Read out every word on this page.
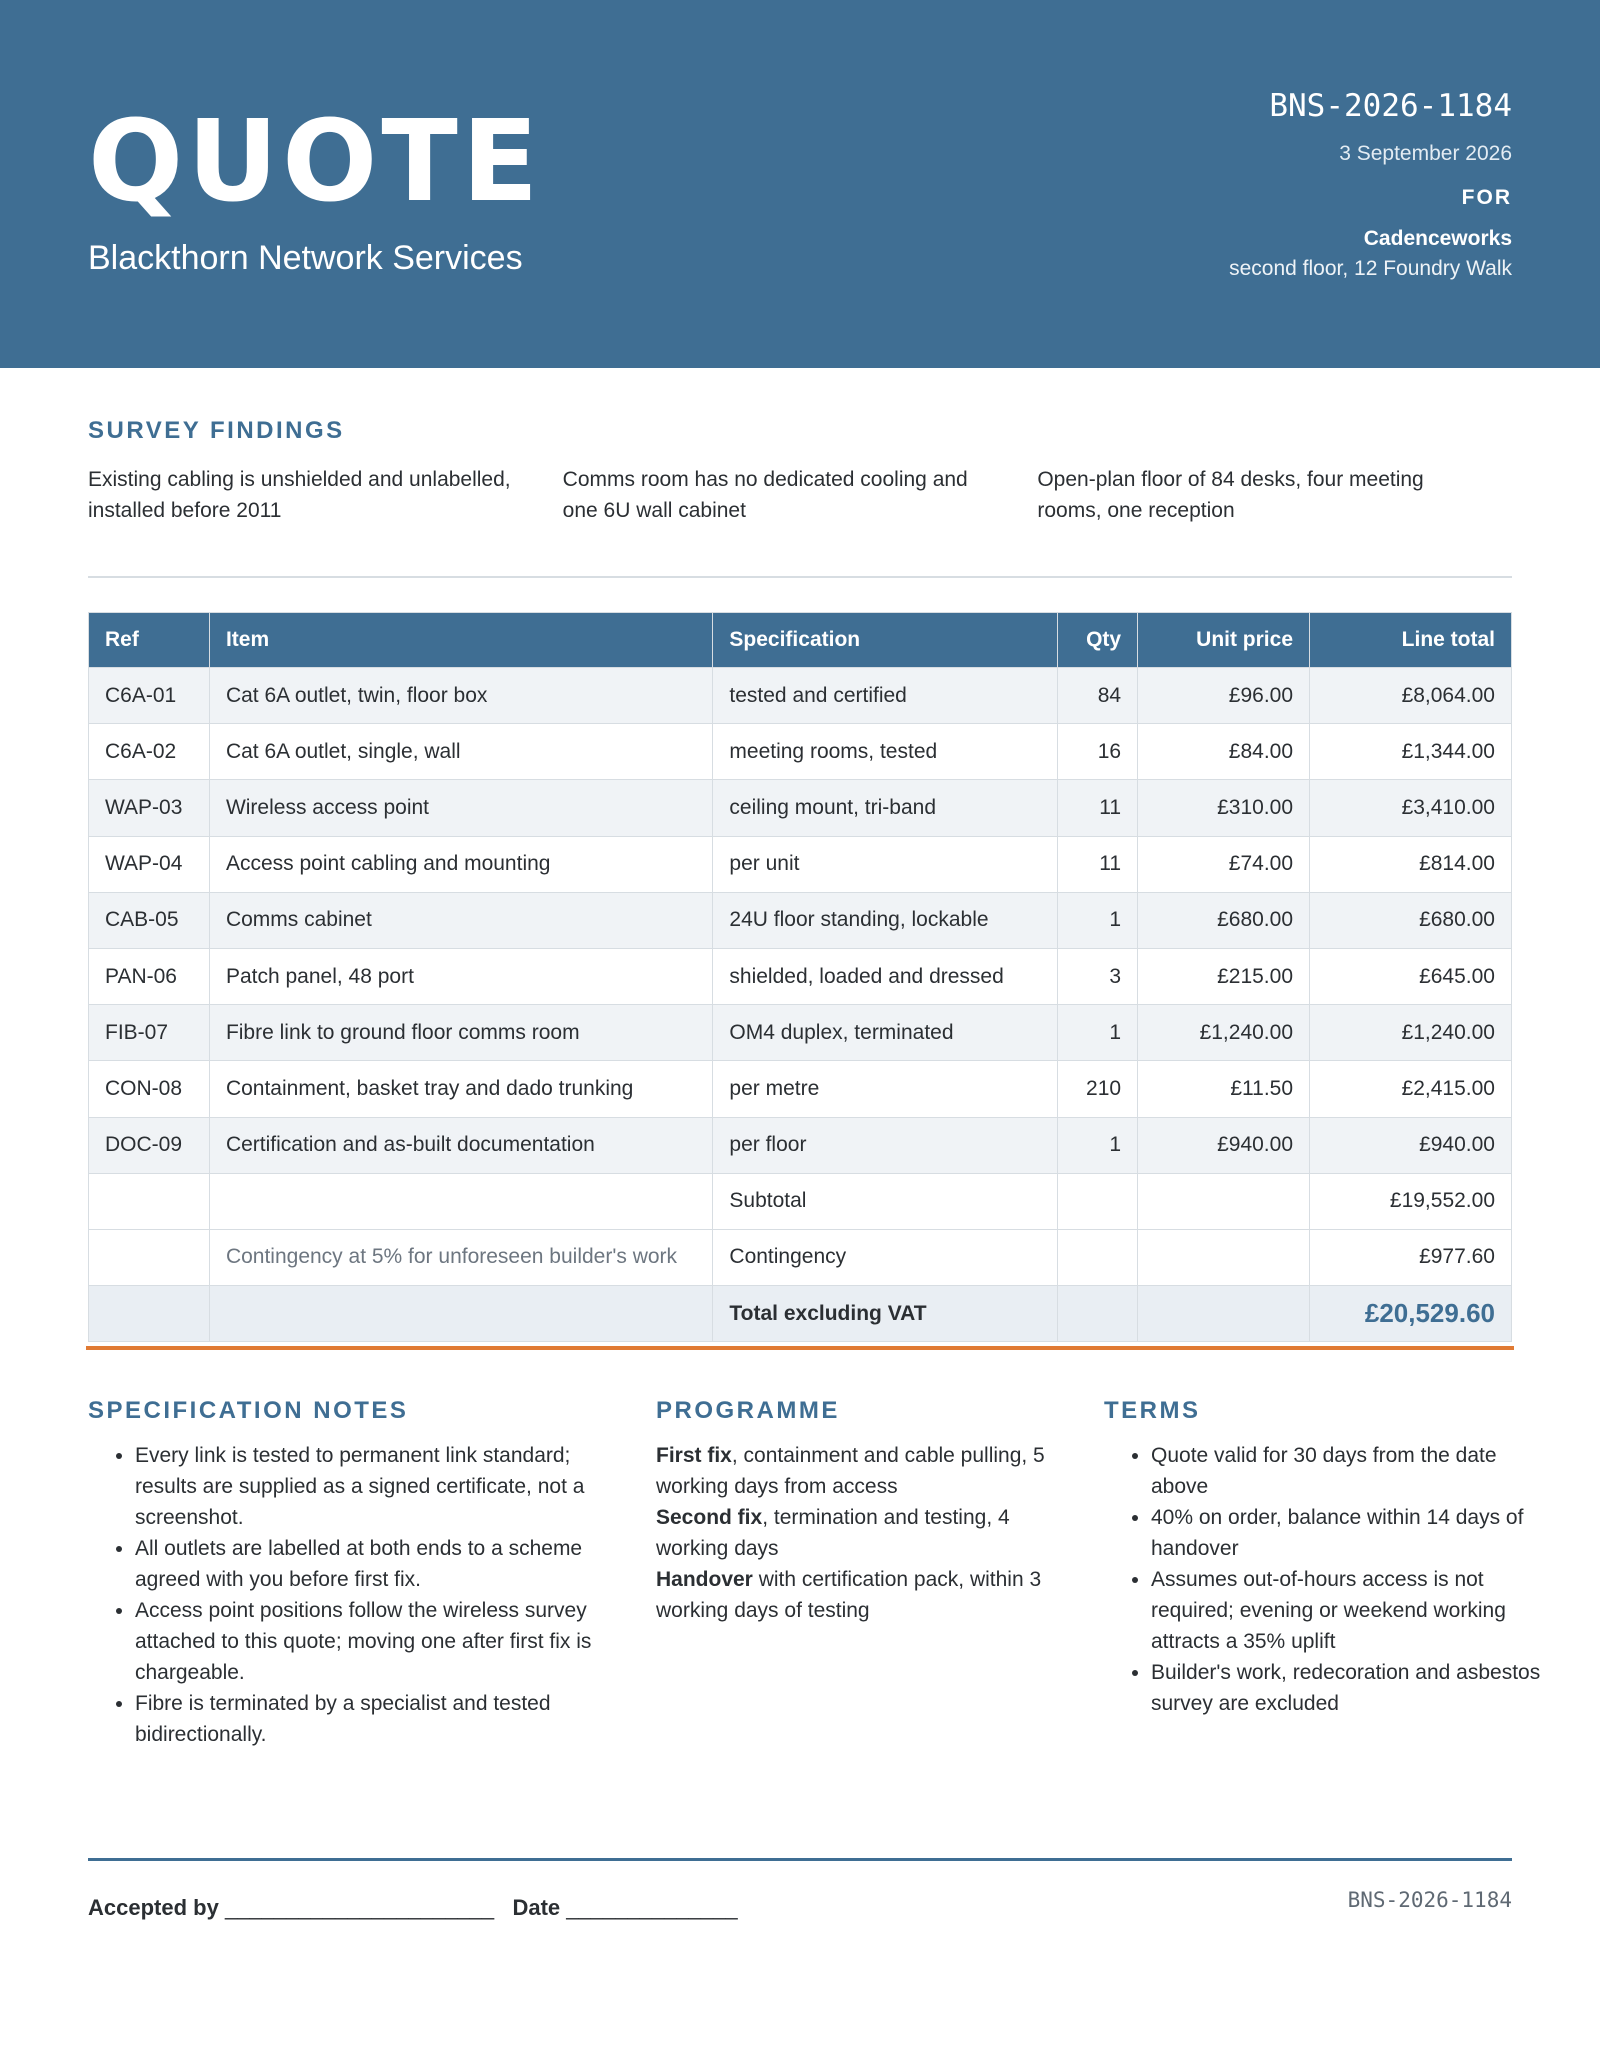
QUOTE
Blackthorn Network Services
BNS-2026-1184
3 September 2026
FOR
Cadenceworks
second floor, 12 Foundry Walk
SURVEY FINDINGS
Existing cabling is unshielded and unlabelled, installed before 2011
Comms room has no dedicated cooling and one 6U wall cabinet
Open-plan floor of 84 desks, four meeting rooms, one reception
Ref	Item	Specification	Qty	Unit price	Line total
C6A-01	Cat 6A outlet, twin, floor box	tested and certified	84	£96.00	£8,064.00
C6A-02	Cat 6A outlet, single, wall	meeting rooms, tested	16	£84.00	£1,344.00
WAP-03	Wireless access point	ceiling mount, tri-band	11	£310.00	£3,410.00
WAP-04	Access point cabling and mounting	per unit	11	£74.00	£814.00
CAB-05	Comms cabinet	24U floor standing, lockable	1	£680.00	£680.00
PAN-06	Patch panel, 48 port	shielded, loaded and dressed	3	£215.00	£645.00
FIB-07	Fibre link to ground floor comms room	OM4 duplex, terminated	1	£1,240.00	£1,240.00
CON-08	Containment, basket tray and dado trunking	per metre	210	£11.50	£2,415.00
DOC-09	Certification and as-built documentation	per floor	1	£940.00	£940.00
		Subtotal			£19,552.00
	Contingency at 5% for unforeseen builder's work	Contingency			£977.60
		Total excluding VAT			£20,529.60
SPECIFICATION NOTES
• Every link is tested to permanent link standard; results are supplied as a signed certificate, not a screenshot.
• All outlets are labelled at both ends to a scheme agreed with you before first fix.
• Access point positions follow the wireless survey attached to this quote; moving one after first fix is chargeable.
• Fibre is terminated by a specialist and tested bidirectionally.
PROGRAMME
First fix, containment and cable pulling, 5 working days from access
Second fix, termination and testing, 4 working days
Handover with certification pack, within 3 working days of testing
TERMS
• Quote valid for 30 days from the date above
• 40% on order, balance within 14 days of handover
• Assumes out-of-hours access is not required; evening or weekend working attracts a 35% uplift
• Builder's work, redecoration and asbestos survey are excluded
Accepted by ______________________ Date ______________	BNS-2026-1184
